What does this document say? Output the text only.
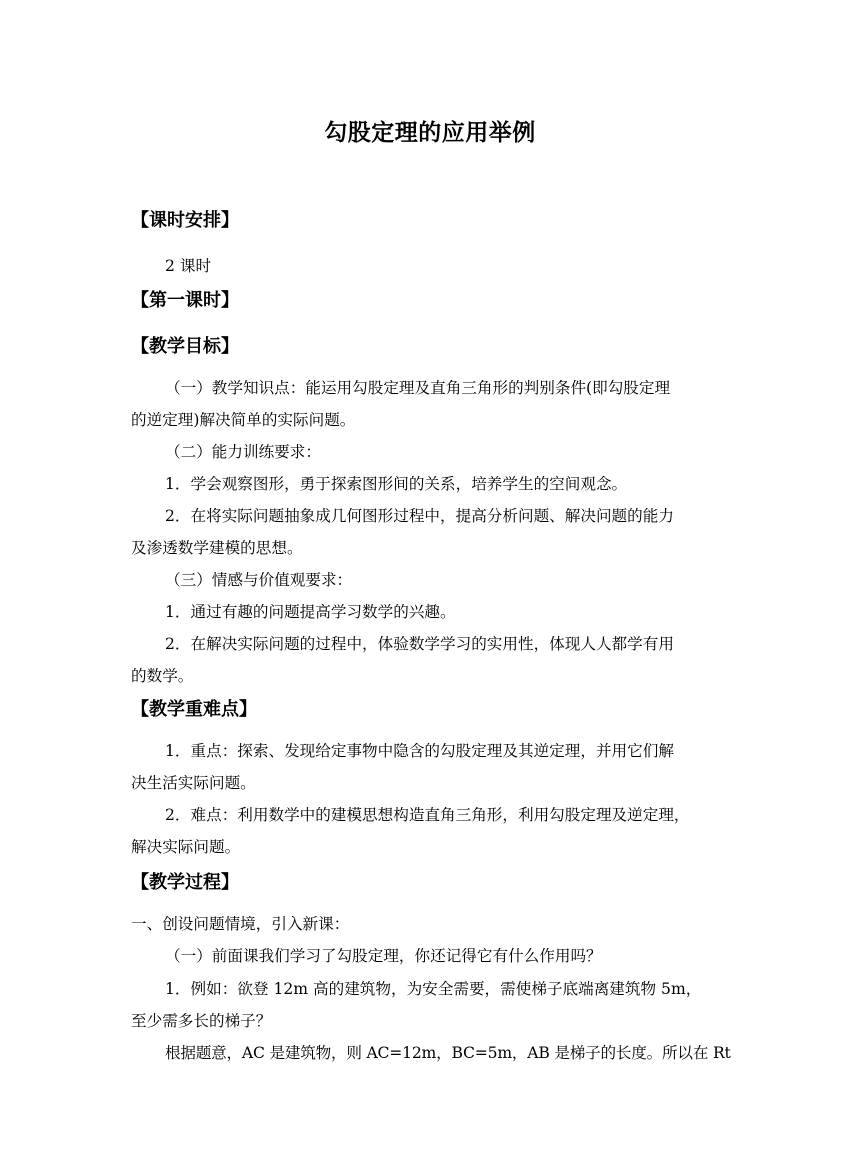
勾股定理的应用举例
【课时安排】
2 课时
【第一课时】
【教学目标】
（一）教学知识点：能运用勾股定理及直角三角形的判别条件(即勾股定理
的逆定理)解决简单的实际问题。
（二）能力训练要求：
1．学会观察图形，勇于探索图形间的关系，培养学生的空间观念。
2．在将实际问题抽象成几何图形过程中，提高分析问题、解决问题的能力
及渗透数学建模的思想。
（三）情感与价值观要求：
1．通过有趣的问题提高学习数学的兴趣。
2．在解决实际问题的过程中，体验数学学习的实用性，体现人人都学有用
的数学。
【教学重难点】
1．重点：探索、发现给定事物中隐含的勾股定理及其逆定理，并用它们解
决生活实际问题。
2．难点：利用数学中的建模思想构造直角三角形，利用勾股定理及逆定理，
解决实际问题。
【教学过程】
一、创设问题情境，引入新课：
（一）前面课我们学习了勾股定理，你还记得它有什么作用吗？
1．例如：欲登 12m 高的建筑物，为安全需要，需使梯子底端离建筑物 5m，
至少需多长的梯子？
根据题意，AC 是建筑物，则 AC=12m，BC=5m，AB 是梯子的长度。所以在 Rt
